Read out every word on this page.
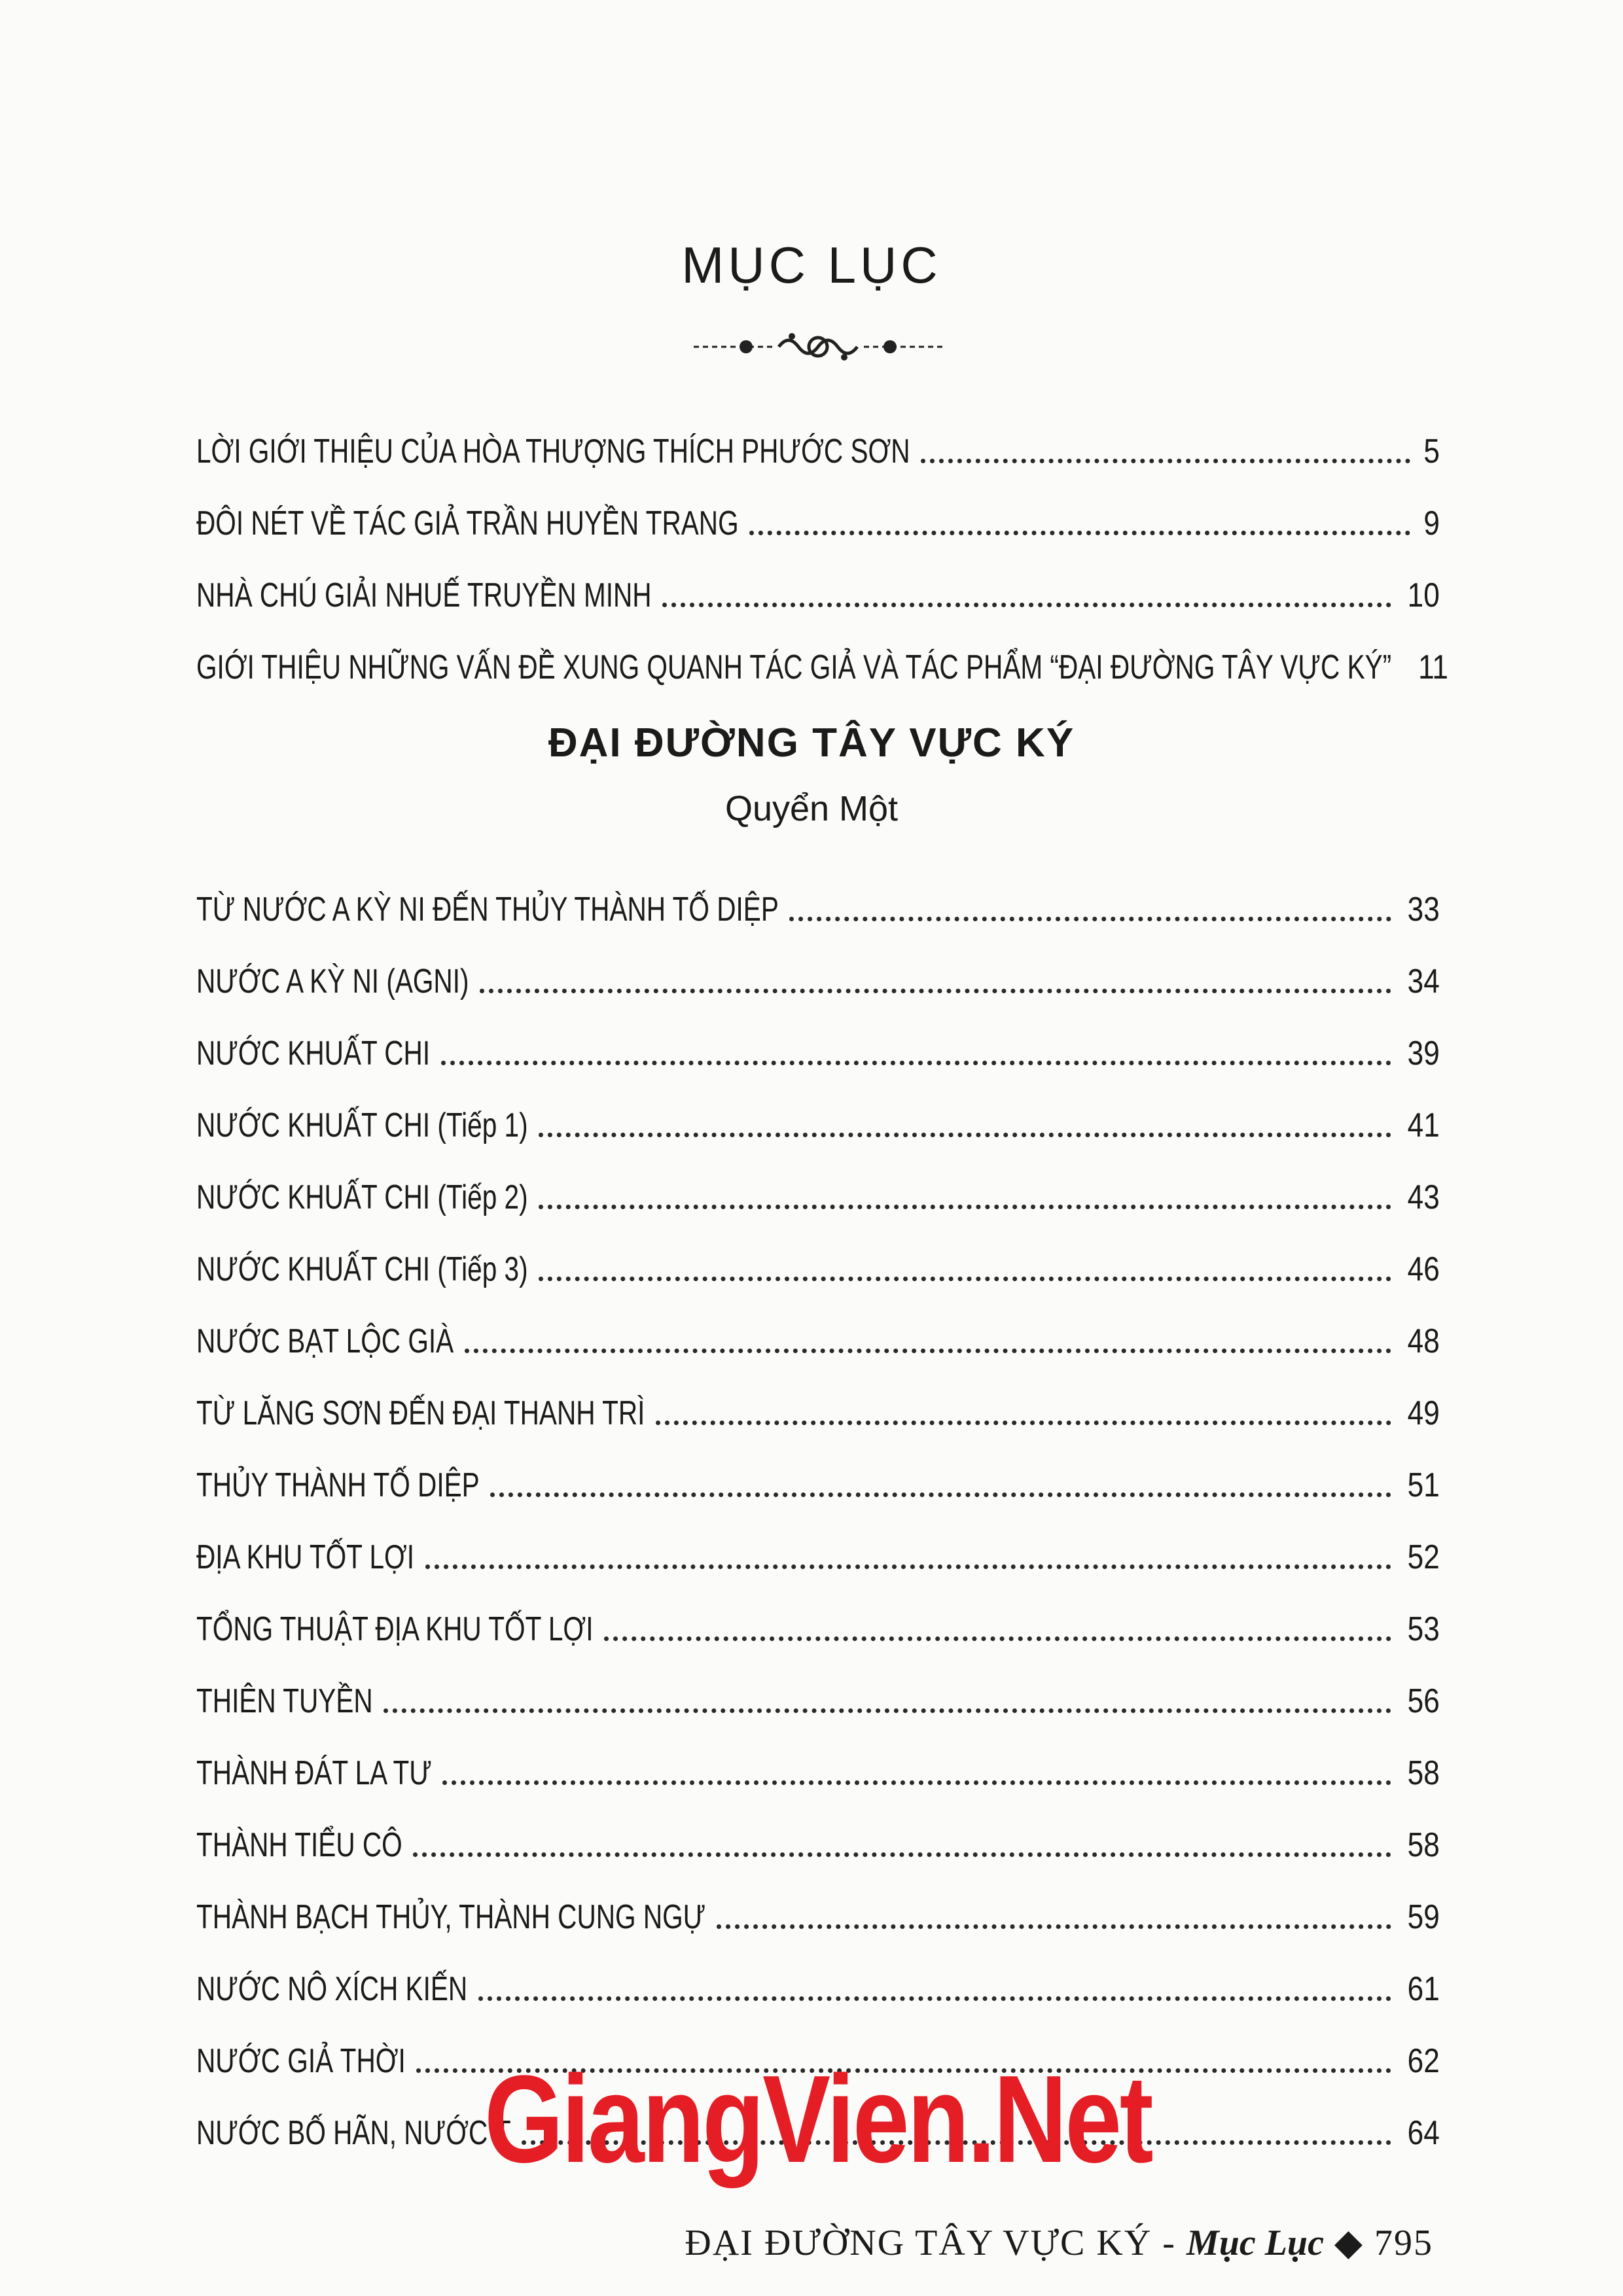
MỤC LỤC
LỜI GIỚI THIỆU CỦA HÒA THƯỢNG THÍCH PHƯỚC SƠN	5
ĐÔI NÉT VỀ TÁC GIẢ TRẦN HUYỀN TRANG	9
NHÀ CHÚ GIẢI NHUẾ TRUYỀN MINH	10
GIỚI THIỆU NHỮNG VẤN ĐỀ XUNG QUANH TÁC GIẢ VÀ TÁC PHẨM “ĐẠI ĐƯỜNG TÂY VỰC KÝ” 11
ĐẠI ĐƯỜNG TÂY VỰC KÝ
Quyển Một
TỪ NƯỚC A KỲ NI ĐẾN THỦY THÀNH TỐ DIỆP	33
NƯỚC A KỲ NI (AGNI)	34
NƯỚC KHUẤT CHI	39
NƯỚC KHUẤT CHI (Tiếp 1)	41
NƯỚC KHUẤT CHI (Tiếp 2)	43
NƯỚC KHUẤT CHI (Tiếp 3)	46
NƯỚC BẠT LỘC GIÀ	48
TỪ LĂNG SƠN ĐẾN ĐẠI THANH TRÌ	49
THỦY THÀNH TỐ DIỆP	51
ĐỊA KHU TỐT LỢI	52
TỔNG THUẬT ĐỊA KHU TỐT LỢI	53
THIÊN TUYỀN	56
THÀNH ĐÁT LA TƯ	58
THÀNH TIỂU CÔ	58
THÀNH BẠCH THỦY, THÀNH CUNG NGỰ	59
NƯỚC NÔ XÍCH KIẾN	61
NƯỚC GIẢ THỜI	62
NƯỚC BỐ HÃN, NƯỚC T	64
GiangVien.Net
ĐẠI ĐƯỜNG TÂY VỰC KÝ - Mục Lục ◆ 795
